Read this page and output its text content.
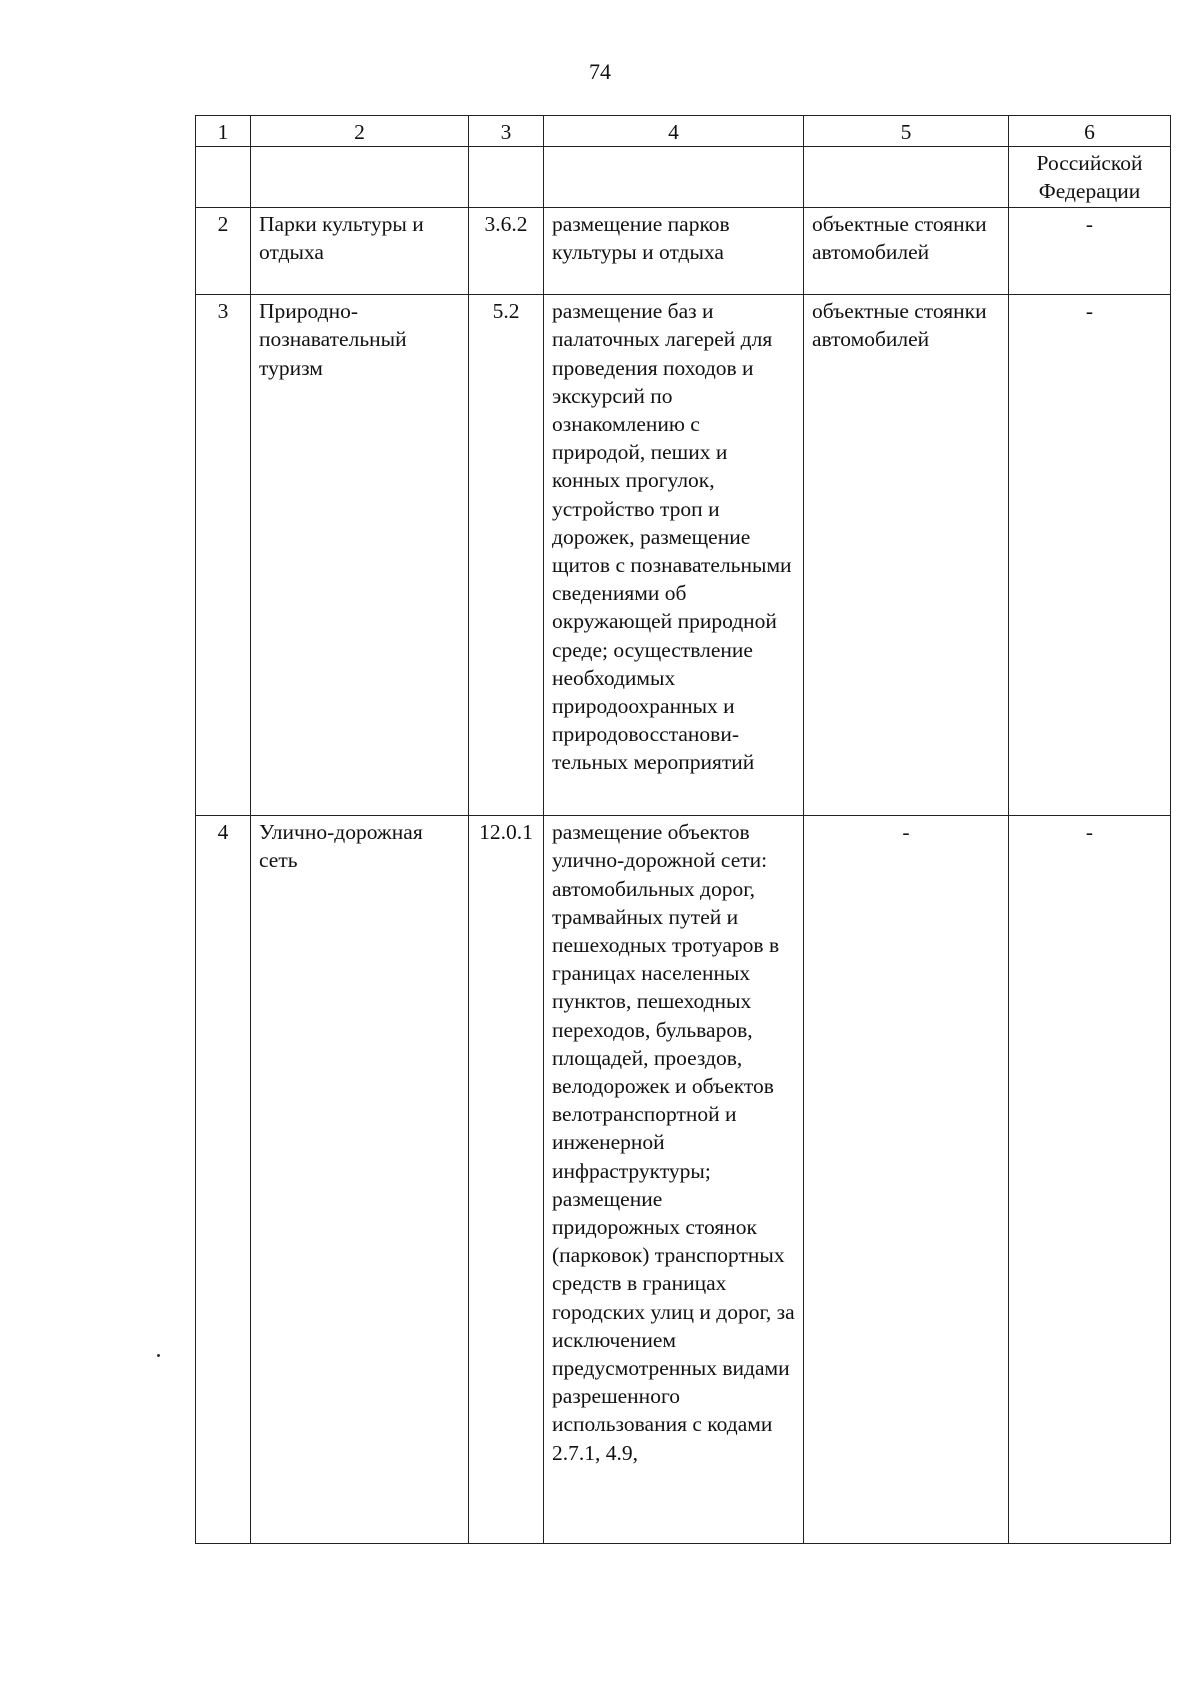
74
1	2	3	4	5	6
					Российской Федерации
2	Парки культуры и отдыха	3.6.2	размещение парков культуры и отдыха	объектные стоянки автомобилей	-
3	Природно-познавательный туризм	5.2	размещение баз и палаточных лагерей для проведения походов и экскурсий по ознакомлению с природой, пеших и конных прогулок, устройство троп и дорожек, размещение щитов с познавательными сведениями об окружающей природной среде; осуществление необходимых природоохранных и природовосстанови-тельных мероприятий	объектные стоянки автомобилей	-
4	Улично-дорожная сеть	12.0.1	размещение объектов улично-дорожной сети: автомобильных дорог, трамвайных путей и пешеходных тротуаров в границах населенных пунктов, пешеходных переходов, бульваров, площадей, проездов, велодорожек и объектов велотранспортной и инженерной инфраструктуры; размещение придорожных стоянок (парковок) транспортных средств в границах городских улиц и дорог, за исключением предусмотренных видами разрешенного использования с кодами 2.7.1, 4.9,	-	-
